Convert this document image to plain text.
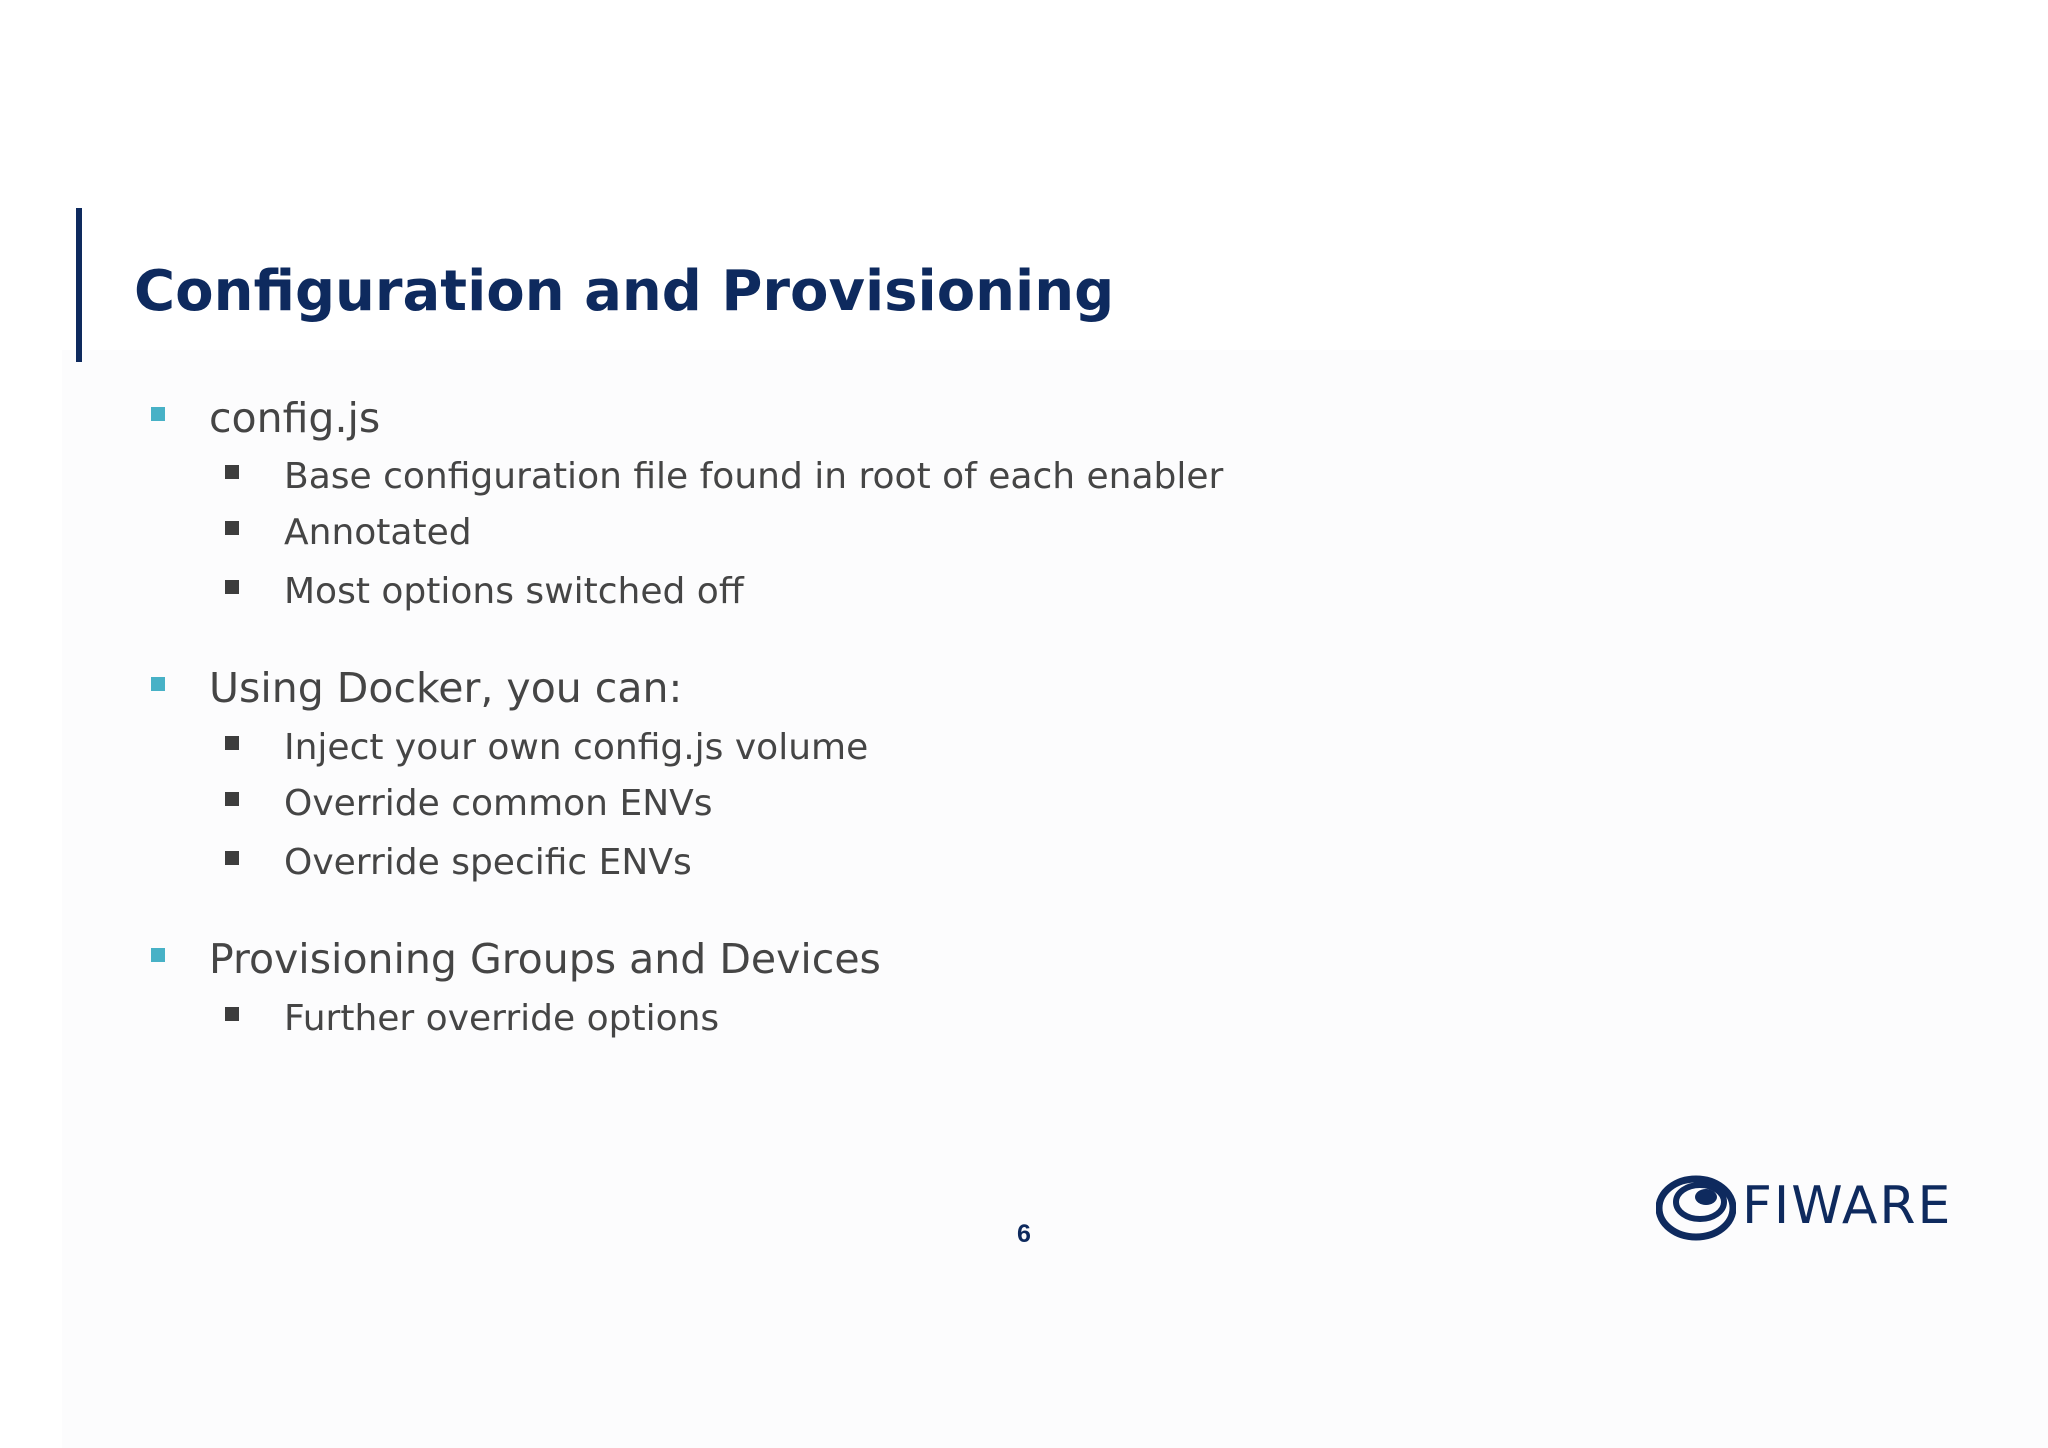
Configuration and Provisioning

config.js

Base configuration file found in root of each enabler

Annotated

Most options switched off

Using Docker, you can:

Inject your own config.js volume

Override common ENVs

Override specific ENVs

Provisioning Groups and Devices

Further override options

6	FIWARE
